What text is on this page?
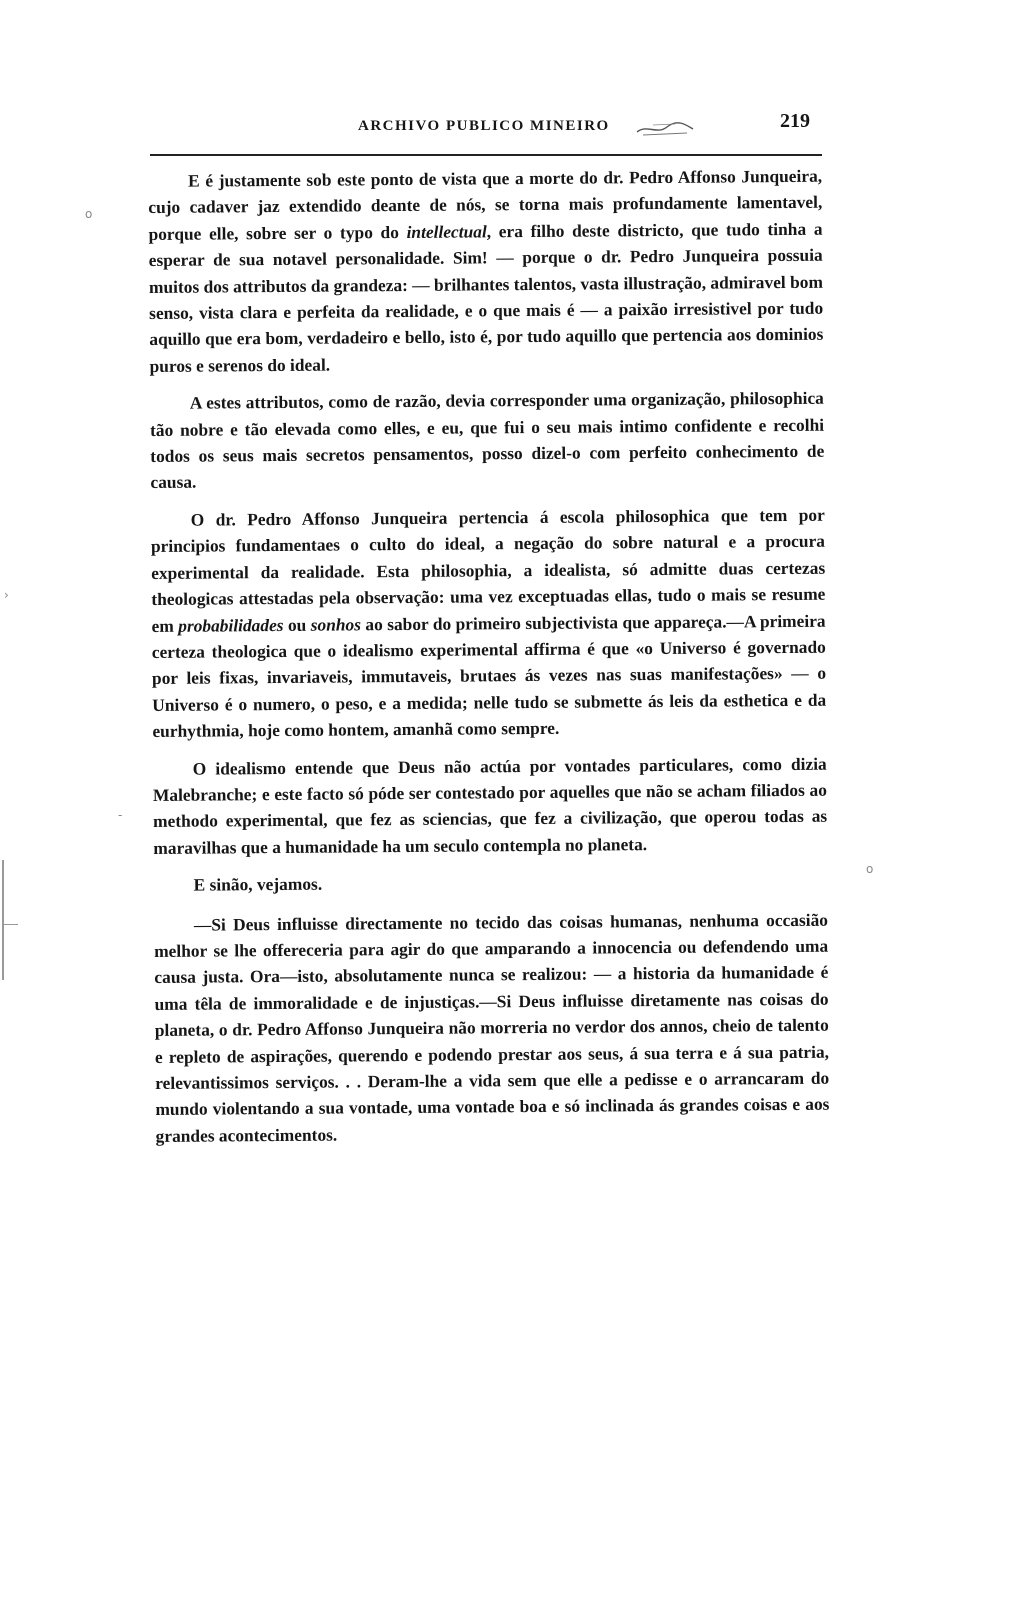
ARCHIVO PUBLICO MINEIRO	219

E é justamente sob este ponto de vista que a morte do dr. Pedro Affonso Junqueira, cujo cadaver jaz extendido deante de nós, se torna mais profundamente lamentavel, porque elle, sobre ser o typo do intellectual, era filho deste districto, que tudo tinha a esperar de sua notavel personalidade. Sim! — porque o dr. Pedro Junqueira possuia muitos dos attributos da grandeza: — brilhantes talentos, vasta illustração, admiravel bom senso, vista clara e perfeita da realidade, e o que mais é — a paixão irresistivel por tudo aquillo que era bom, verdadeiro e bello, isto é, por tudo aquillo que pertencia aos dominios puros e serenos do ideal.

A estes attributos, como de razão, devia corresponder uma organização, philosophica tão nobre e tão elevada como elles, e eu, que fui o seu mais intimo confidente e recolhi todos os seus mais secretos pensamentos, posso dizel-o com perfeito conhecimento de causa.

O dr. Pedro Affonso Junqueira pertencia á escola philosophica que tem por principios fundamentaes o culto do ideal, a negação do sobre natural e a procura experimental da realidade. Esta philosophia, a idealista, só admitte duas certezas theologicas attestadas pela observação: uma vez exceptuadas ellas, tudo o mais se resume em probabilidades ou sonhos ao sabor do primeiro subjectivista que appareça.—A primeira certeza theologica que o idealismo experimental affirma é que «o Universo é governado por leis fixas, invariaveis, immutaveis, brutaes ás vezes nas suas manifestações» — o Universo é o numero, o peso, e a medida; nelle tudo se submette ás leis da esthetica e da eurhythmia, hoje como hontem, amanhã como sempre.

O idealismo entende que Deus não actúa por vontades particulares, como dizia Malebranche; e este facto só póde ser contestado por aquelles que não se acham filiados ao methodo experimental, que fez as sciencias, que fez a civilização, que operou todas as maravilhas que a humanidade ha um seculo contempla no planeta.

E sinão, vejamos.

—Si Deus influisse directamente no tecido das coisas humanas, nenhuma occasião melhor se lhe offereceria para agir do que amparando a innocencia ou defendendo uma causa justa. Ora—isto, absolutamente nunca se realizou: — a historia da humanidade é uma têla de immoralidade e de injustiças.—Si Deus influisse diretamente nas coisas do planeta, o dr. Pedro Affonso Junqueira não morreria no verdor dos annos, cheio de talento e repleto de aspirações, querendo e podendo prestar aos seus, á sua terra e á sua patria, relevantissimos serviços. . . Deram-lhe a vida sem que elle a pedisse e o arrancaram do mundo violentando a sua vontade, uma vontade boa e só inclinada ás grandes coisas e aos grandes acontecimentos.

o
o
›
-
